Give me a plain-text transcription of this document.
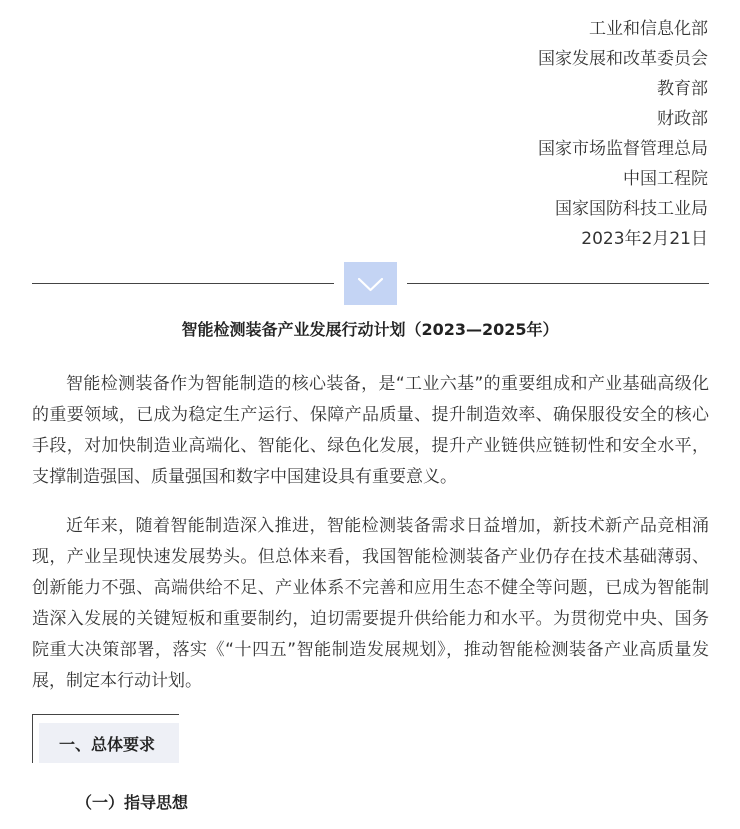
工业和信息化部
国家发展和改革委员会
教育部
财政部
国家市场监督管理总局
中国工程院
国家国防科技工业局
2023年2月21日
智能检测装备产业发展行动计划（2023—2025年）

智能检测装备作为智能制造的核心装备，是“工业六基”的重要组成和产业基础高级化的重要领域，已成为稳定生产运行、保障产品质量、提升制造效率、确保服役安全的核心手段，对加快制造业高端化、智能化、绿色化发展，提升产业链供应链韧性和安全水平，支撑制造强国、质量强国和数字中国建设具有重要意义。

近年来，随着智能制造深入推进，智能检测装备需求日益增加，新技术新产品竞相涌现，产业呈现快速发展势头。但总体来看，我国智能检测装备产业仍存在技术基础薄弱、创新能力不强、高端供给不足、产业体系不完善和应用生态不健全等问题，已成为智能制造深入发展的关键短板和重要制约，迫切需要提升供给能力和水平。为贯彻党中央、国务院重大决策部署，落实《“十四五”智能制造发展规划》，推动智能检测装备产业高质量发展，制定本行动计划。

一、总体要求
（一）指导思想
